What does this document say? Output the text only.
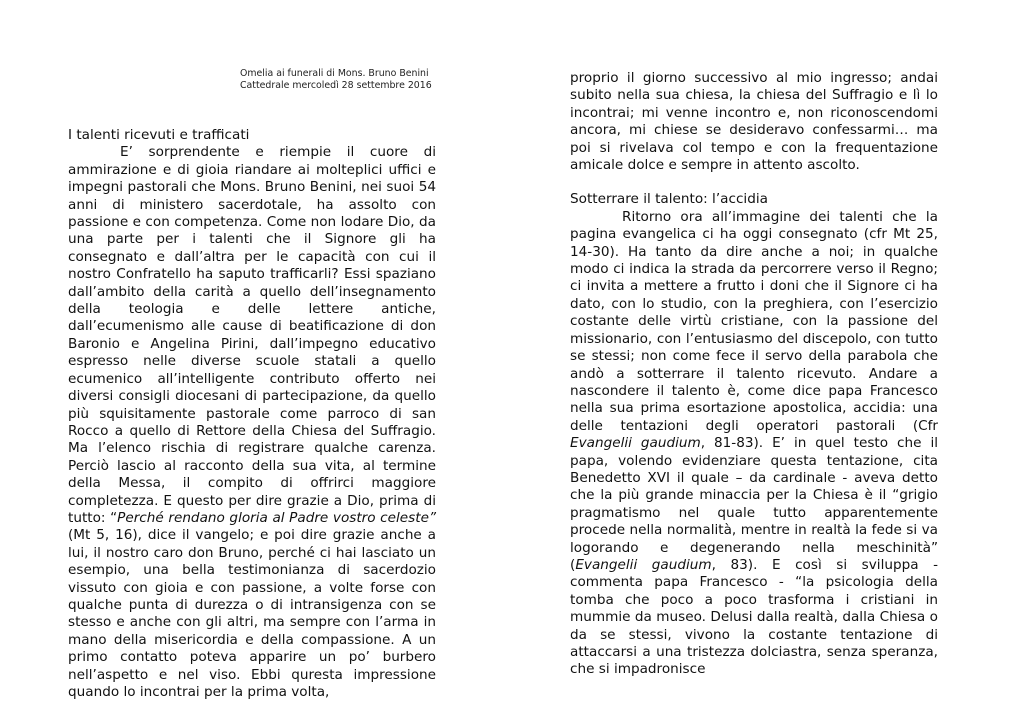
Omelia ai funerali di Mons. Bruno Benini
Cattedrale mercoledì 28 settembre 2016
I talenti ricevuti e trafficati

E’ sorprendente e riempie il cuore di ammirazione e di gioia riandare ai molteplici uffici e impegni pastorali che Mons. Bruno Benini, nei suoi 54 anni di ministero sacerdotale, ha assolto con passione e con competenza. Come non lodare Dio, da una parte per i talenti che il Signore gli ha consegnato e dall’altra per le capacità con cui il nostro Confratello ha saputo trafficarli? Essi spaziano dall’ambito della carità a quello dell’insegnamento della teologia e delle lettere antiche, dall’ecumenismo alle cause di beatificazione di don Baronio e Angelina Pirini, dall’impegno educativo espresso nelle diverse scuole statali a quello ecumenico all’intelligente contributo offerto nei diversi consigli diocesani di partecipazione, da quello più squisitamente pastorale come parroco di san Rocco a quello di Rettore della Chiesa del Suffragio. Ma l’elenco rischia di registrare qualche carenza. Perciò lascio al racconto della sua vita, al termine della Messa, il compito di offrirci maggiore completezza. E questo per dire grazie a Dio, prima di tutto: “Perché rendano gloria al Padre vostro celeste” (Mt 5, 16), dice il vangelo; e poi dire grazie anche a lui, il nostro caro don Bruno, perché ci hai lasciato un esempio, una bella testimonianza di sacerdozio vissuto con gioia e con passione, a volte forse con qualche punta di durezza o di intransigenza con se stesso e anche con gli altri, ma sempre con l’arma in mano della misericordia e della compassione. A un primo contatto poteva apparire un po’ burbero nell’aspetto e nel viso. Ebbi quresta impressione quando lo incontrai per la prima volta,

proprio il giorno successivo al mio ingresso; andai subito nella sua chiesa, la chiesa del Suffragio e lì lo incontrai; mi venne incontro e, non riconoscendomi ancora, mi chiese se desideravo confessarmi… ma poi si rivelava col tempo e con la frequentazione amicale dolce e sempre in attento ascolto.

Sotterrare il talento: l’accidia

Ritorno ora all’immagine dei talenti che la pagina evangelica ci ha oggi consegnato (cfr Mt 25, 14-30). Ha tanto da dire anche a noi; in qualche modo ci indica la strada da percorrere verso il Regno; ci invita a mettere a frutto i doni che il Signore ci ha dato, con lo studio, con la preghiera, con l’esercizio costante delle virtù cristiane, con la passione del missionario, con l’entusiasmo del discepolo, con tutto se stessi; non come fece il servo della parabola che andò a sotterrare il talento ricevuto. Andare a nascondere il talento è, come dice papa Francesco nella sua prima esortazione apostolica, accidia: una delle tentazioni degli operatori pastorali (Cfr Evangelii gaudium, 81-83). E’ in quel testo che il papa, volendo evidenziare questa tentazione, cita Benedetto XVI il quale – da cardinale - aveva detto che la più grande minaccia per la Chiesa è il “grigio pragmatismo nel quale tutto apparentemente procede nella normalità, mentre in realtà la fede si va logorando e degenerando nella meschinità” (Evangelii gaudium, 83). E così si sviluppa - commenta papa Francesco - “la psicologia della tomba che poco a poco trasforma i cristiani in mummie da museo. Delusi dalla realtà, dalla Chiesa o da se stessi, vivono la costante tentazione di attaccarsi a una tristezza dolciastra, senza speranza, che si impadronisce
